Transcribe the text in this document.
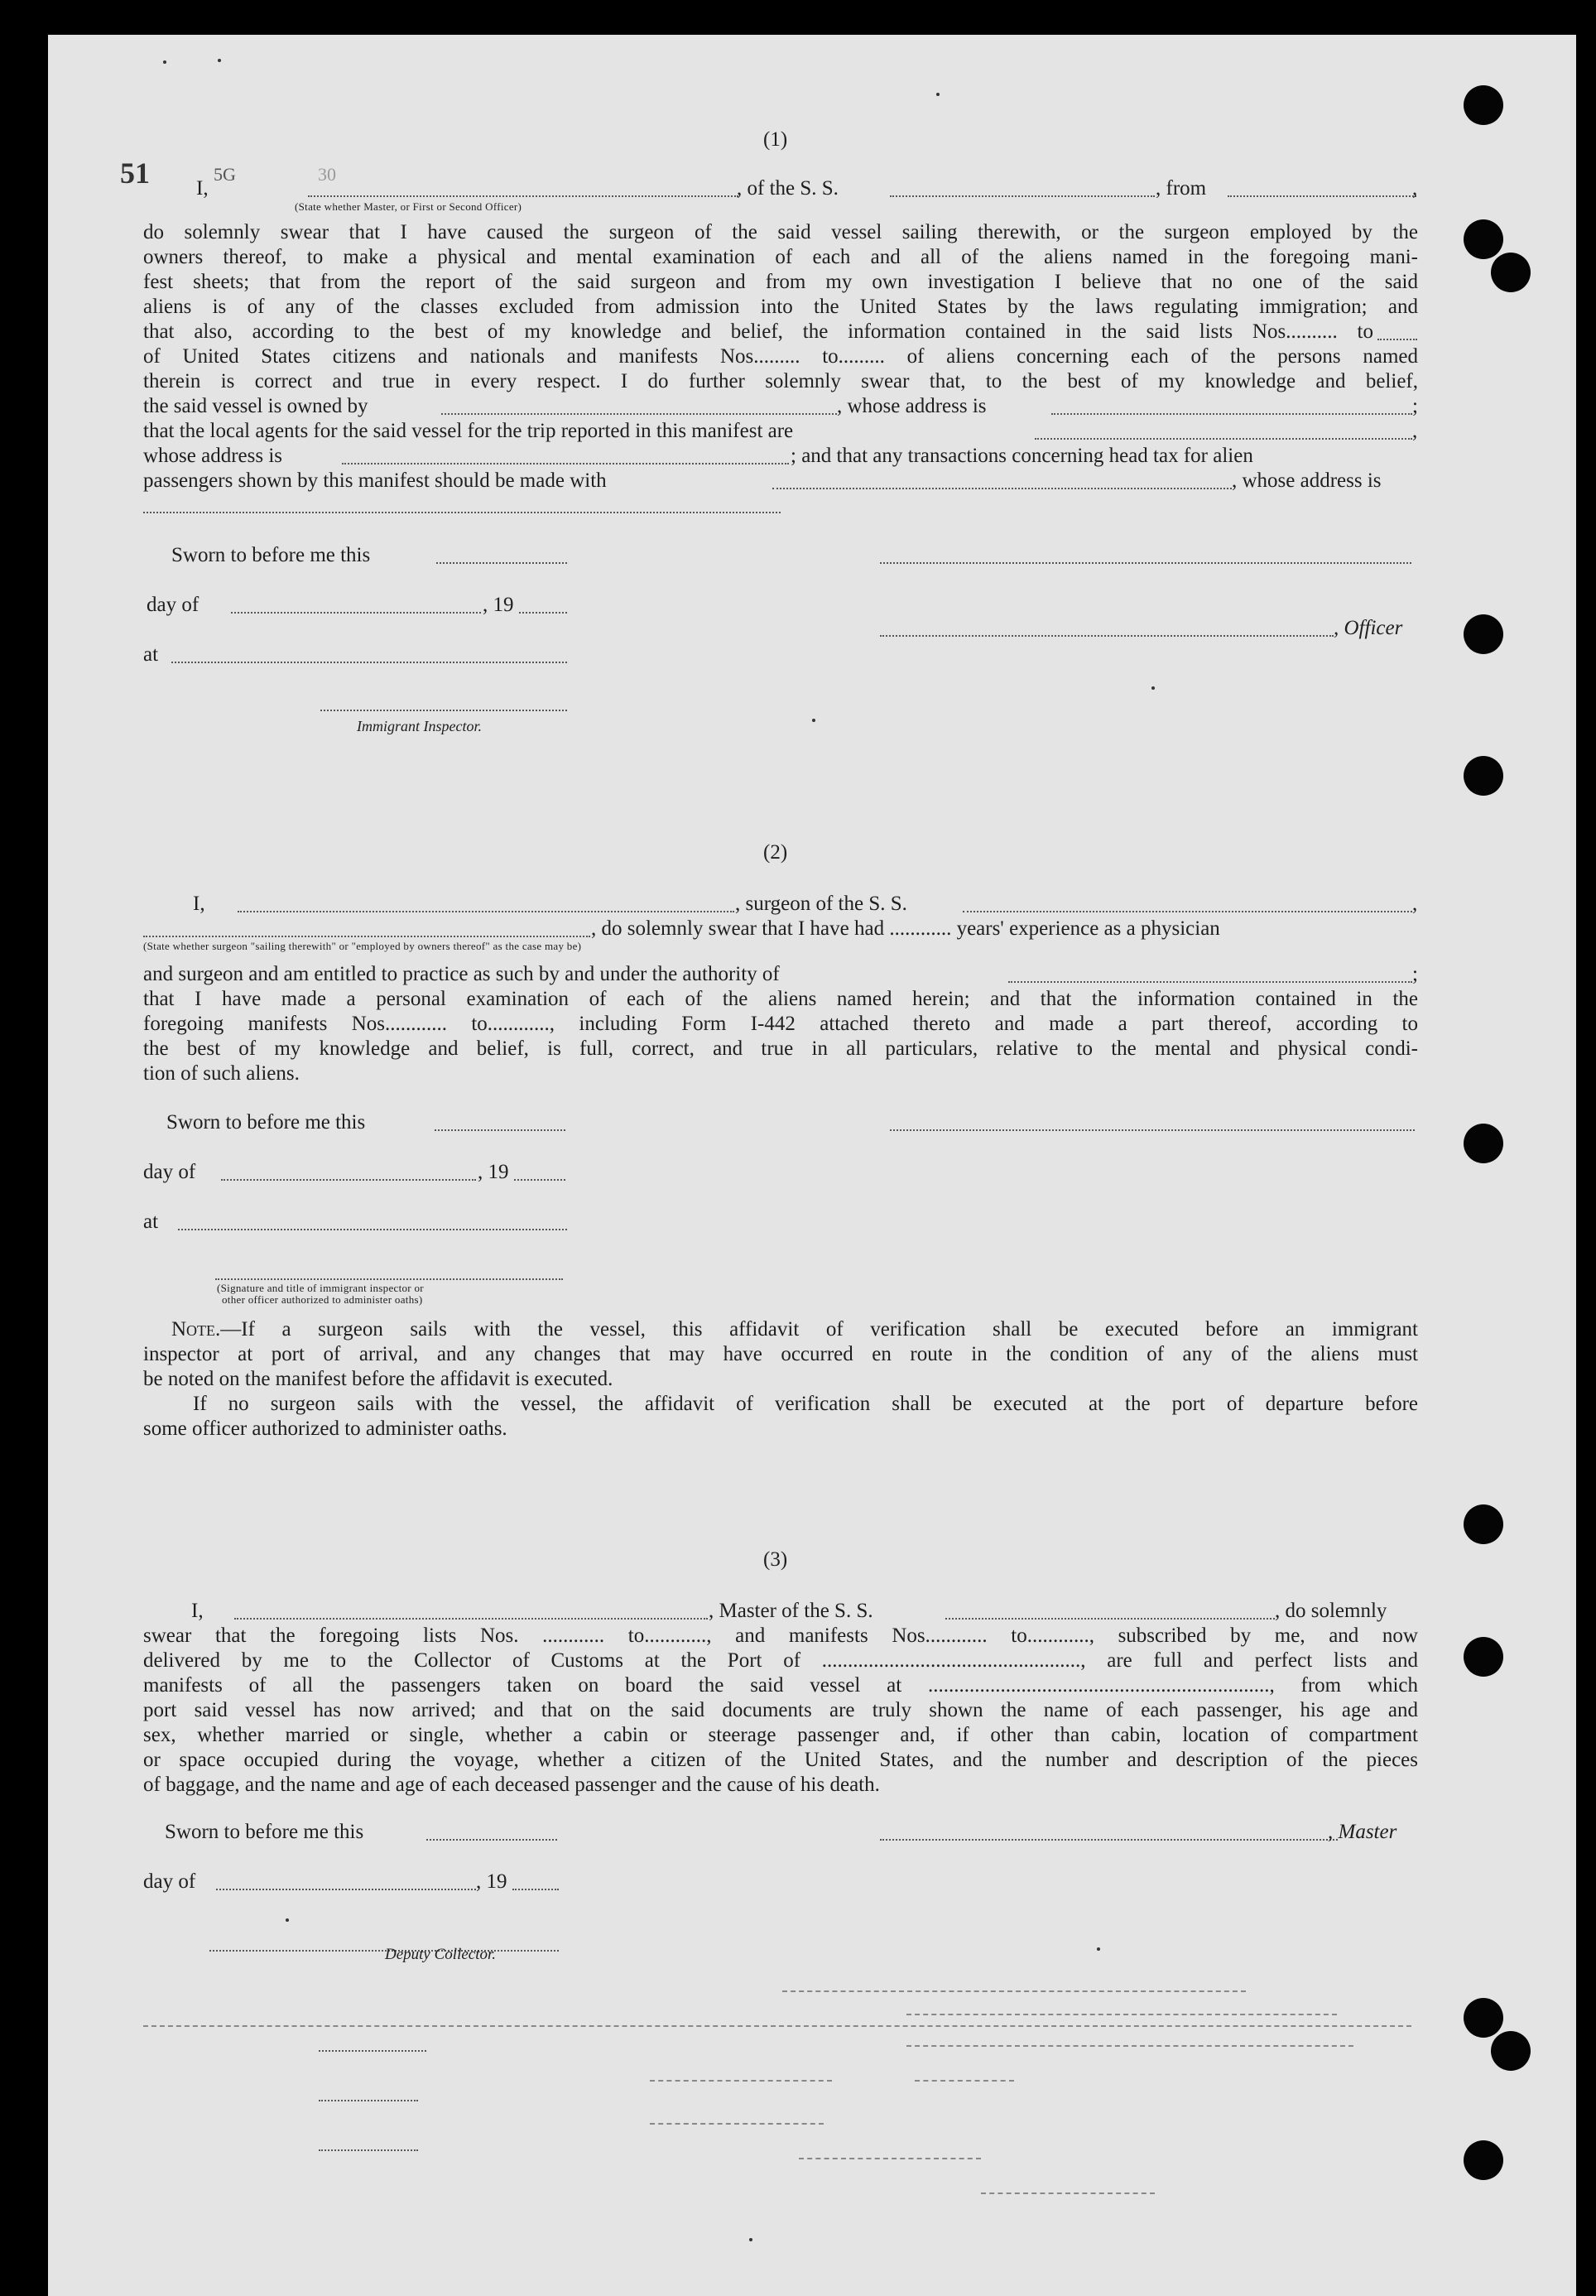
51	5G	30
(1)
I,	, of the S. S.	, from	,
(State whether Master, or First or Second Officer)
do solemnly swear that I have caused the surgeon of the said vessel sailing therewith, or the surgeon employed by the
owners thereof, to make a physical and mental examination of each and all of the aliens named in the foregoing mani-
fest sheets; that from the report of the said surgeon and from my own investigation I believe that no one of the said
aliens is of any of the classes excluded from admission into the United States by the laws regulating immigration; and
that also, according to the best of my knowledge and belief, the information contained in the said lists Nos.......... to
of United States citizens and nationals and manifests Nos......... to......... of aliens concerning each of the persons named
therein is correct and true in every respect. I do further solemnly swear that, to the best of my knowledge and belief,
the said vessel is owned by	, whose address is	;
that the local agents for the said vessel for the trip reported in this manifest are	,
whose address is	; and that any transactions concerning head tax for alien
passengers shown by this manifest should be made with	, whose address is
Sworn to before me this
day of	, 19
, Officer
at
Immigrant Inspector.
(2)
I,	, surgeon of the S. S.	,
, do solemnly swear that I have had ............ years' experience as a physician
(State whether surgeon "sailing therewith" or "employed by owners thereof" as the case may be)
and surgeon and am entitled to practice as such by and under the authority of	;
that I have made a personal examination of each of the aliens named herein; and that the information contained in the
foregoing manifests Nos............ to............, including Form I-442 attached thereto and made a part thereof, according to
the best of my knowledge and belief, is full, correct, and true in all particulars, relative to the mental and physical condi-
tion of such aliens.
Sworn to before me this
day of	, 19
at
(Signature and title of immigrant inspector or
other officer authorized to administer oaths)
Note.—If a surgeon sails with the vessel, this affidavit of verification shall be executed before an immigrant
inspector at port of arrival, and any changes that may have occurred en route in the condition of any of the aliens must
be noted on the manifest before the affidavit is executed.
If no surgeon sails with the vessel, the affidavit of verification shall be executed at the port of departure before
some officer authorized to administer oaths.
(3)
I,	, Master of the S. S.	, do solemnly
swear that the foregoing lists Nos. ............ to............, and manifests Nos............ to............, subscribed by me, and now
delivered by me to the Collector of Customs at the Port of .................................................., are full and perfect lists and
manifests of all the passengers taken on board the said vessel at .................................................................., from which
port said vessel has now arrived; and that on the said documents are truly shown the name of each passenger, his age and
sex, whether married or single, whether a cabin or steerage passenger and, if other than cabin, location of compartment
or space occupied during the voyage, whether a citizen of the United States, and the number and description of the pieces
of baggage, and the name and age of each deceased passenger and the cause of his death.
Sworn to before me this	, Master
day of	, 19
Deputy Collector.
